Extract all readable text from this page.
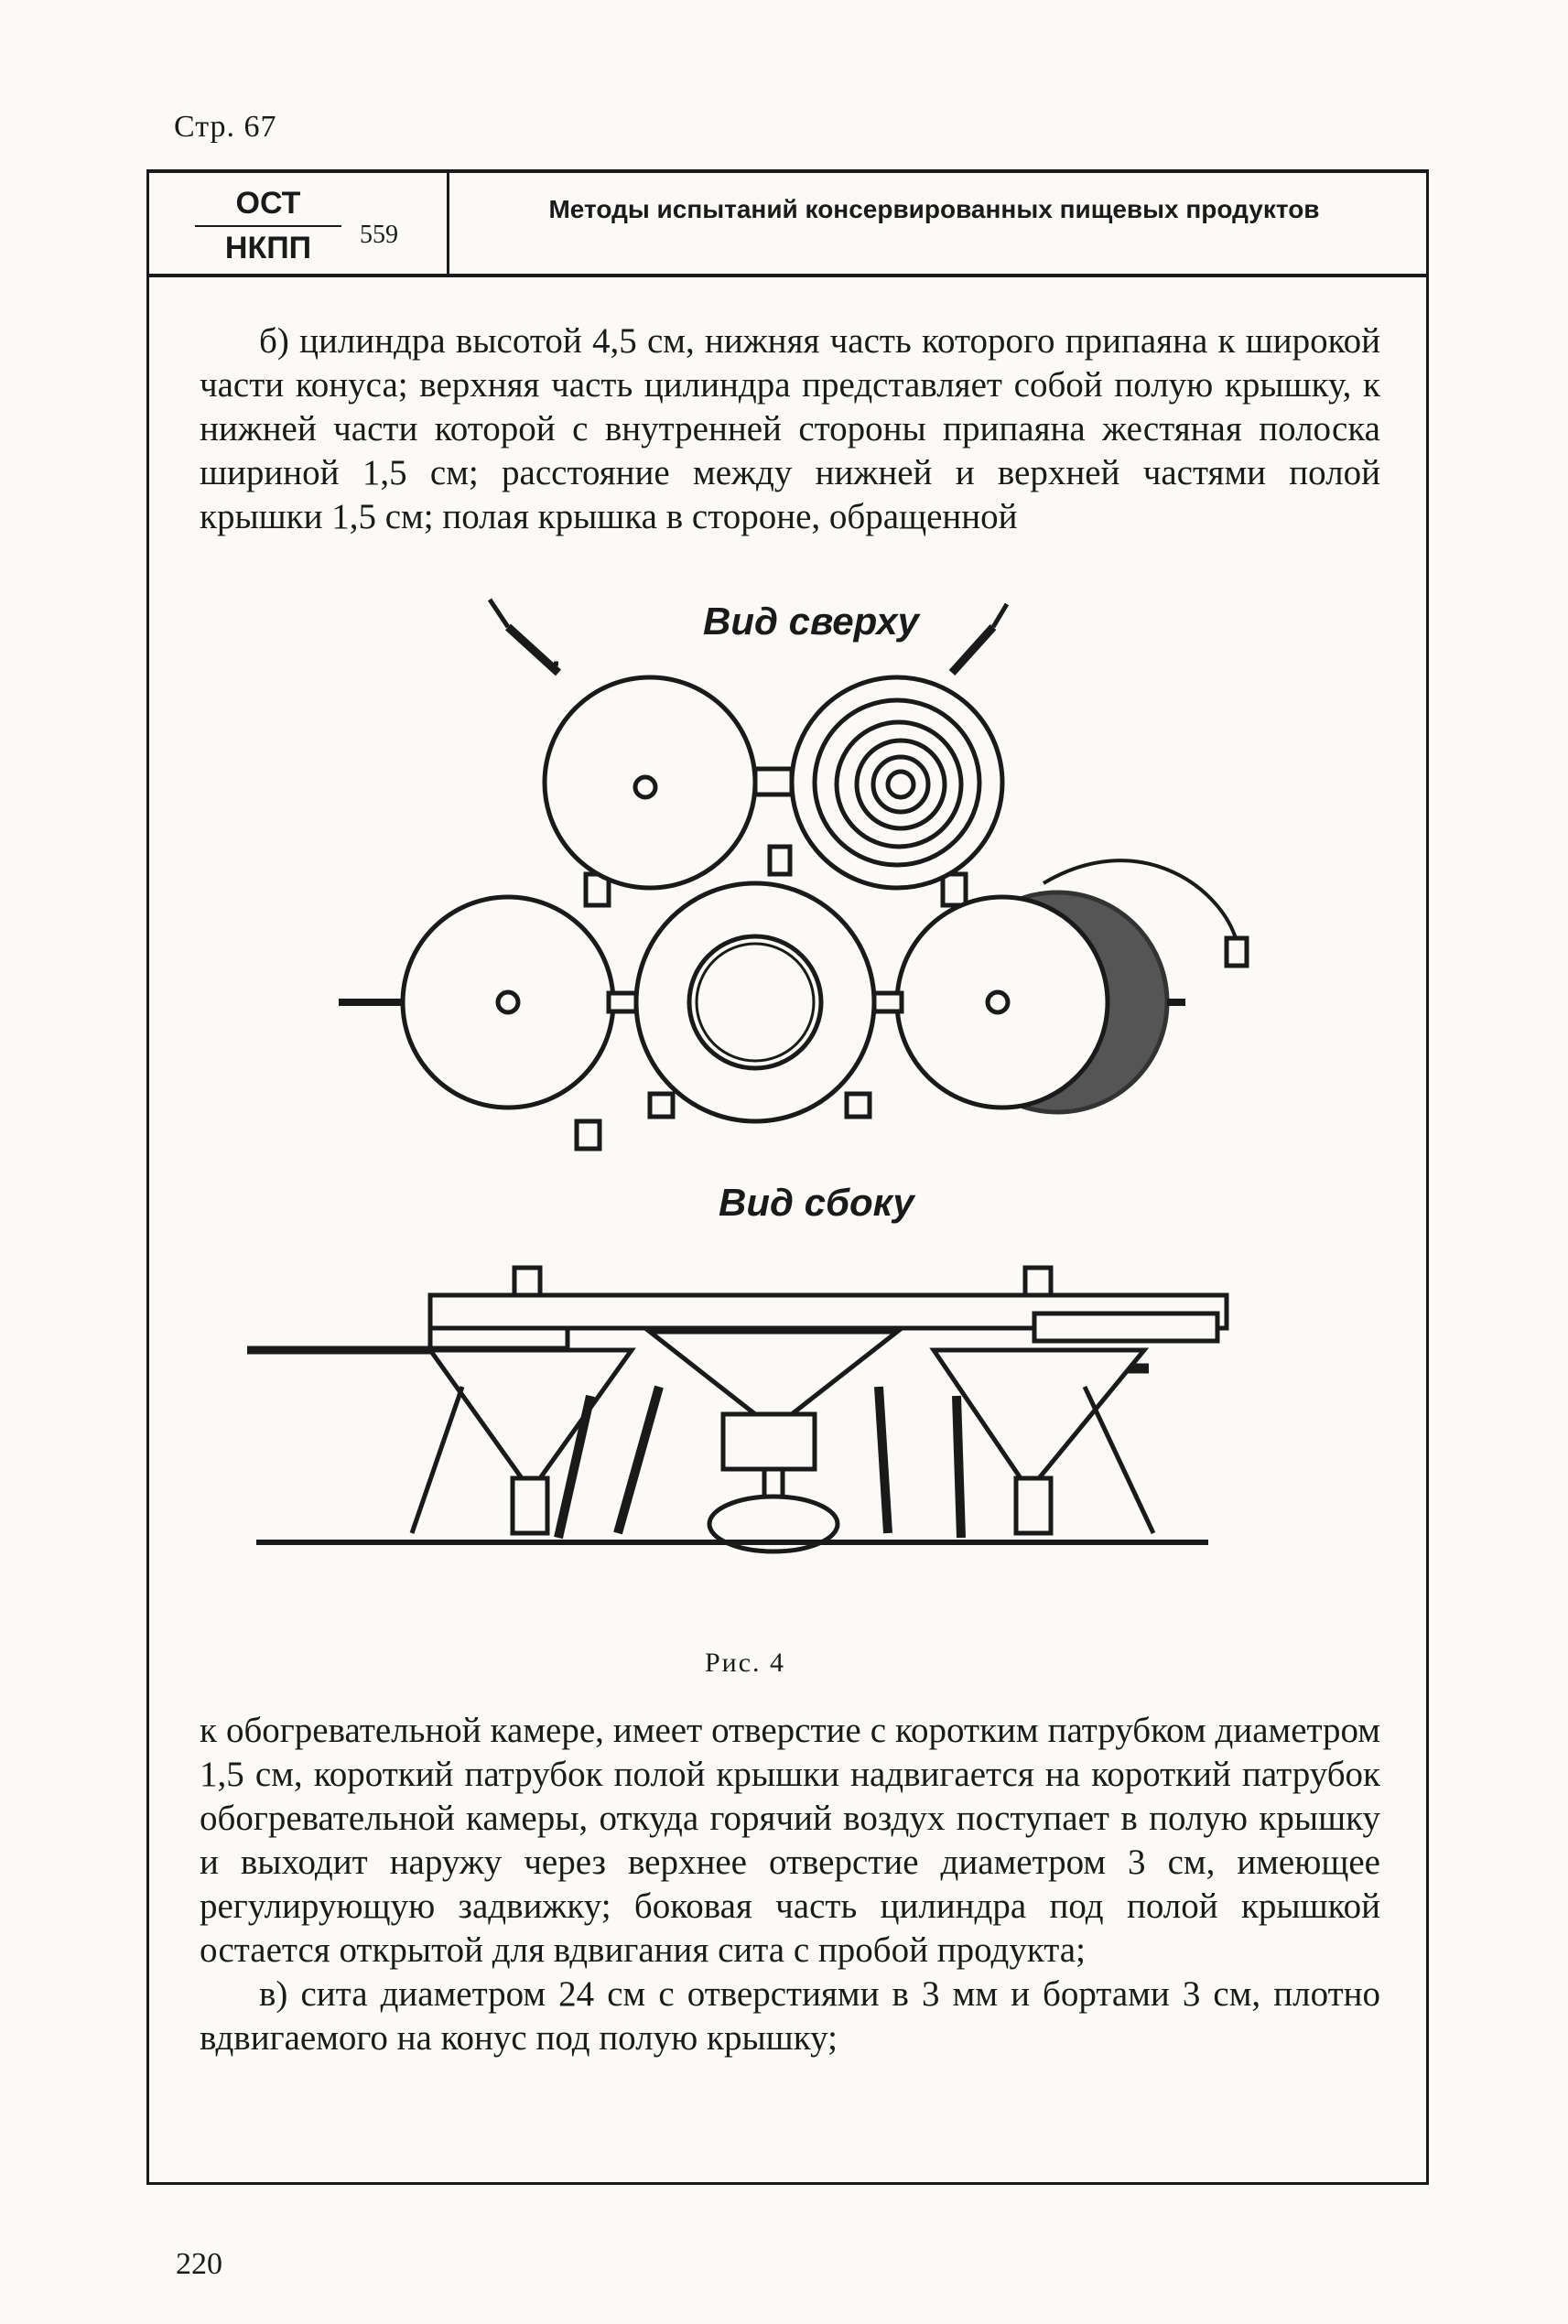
Стр. 67
ОСТ
НКПП	559
Методы испытаний консервированных пищевых продуктов
б) цилиндра высотой 4,5 см, нижняя часть которого припаяна к широкой части конуса; верхняя часть цилиндра представляет собой полую крышку, к нижней части которой с внутренней стороны припаяна жестяная полоска шириной 1,5 см; расстояние между нижней и верхней частями полой крышки 1,5 см; полая крышка в стороне, обращенной
к обогревательной камере, имеет отверстие с коротким патрубком диаметром 1,5 см, короткий патрубок полой крышки надвигается на короткий патрубок обогревательной камеры, откуда горячий воздух поступает в полую крышку и выходит наружу через верхнее отверстие диаметром 3 см, имеющее регулирующую задвижку; боковая часть цилиндра под полой крышкой остается открытой для вдвигания сита с пробой продукта;
в) сита диаметром 24 см с отверстиями в 3 мм и бортами 3 см, плотно вдвигаемого на конус под полую крышку;
Вид сверху
Вид сбоку
Рис. 4
220
